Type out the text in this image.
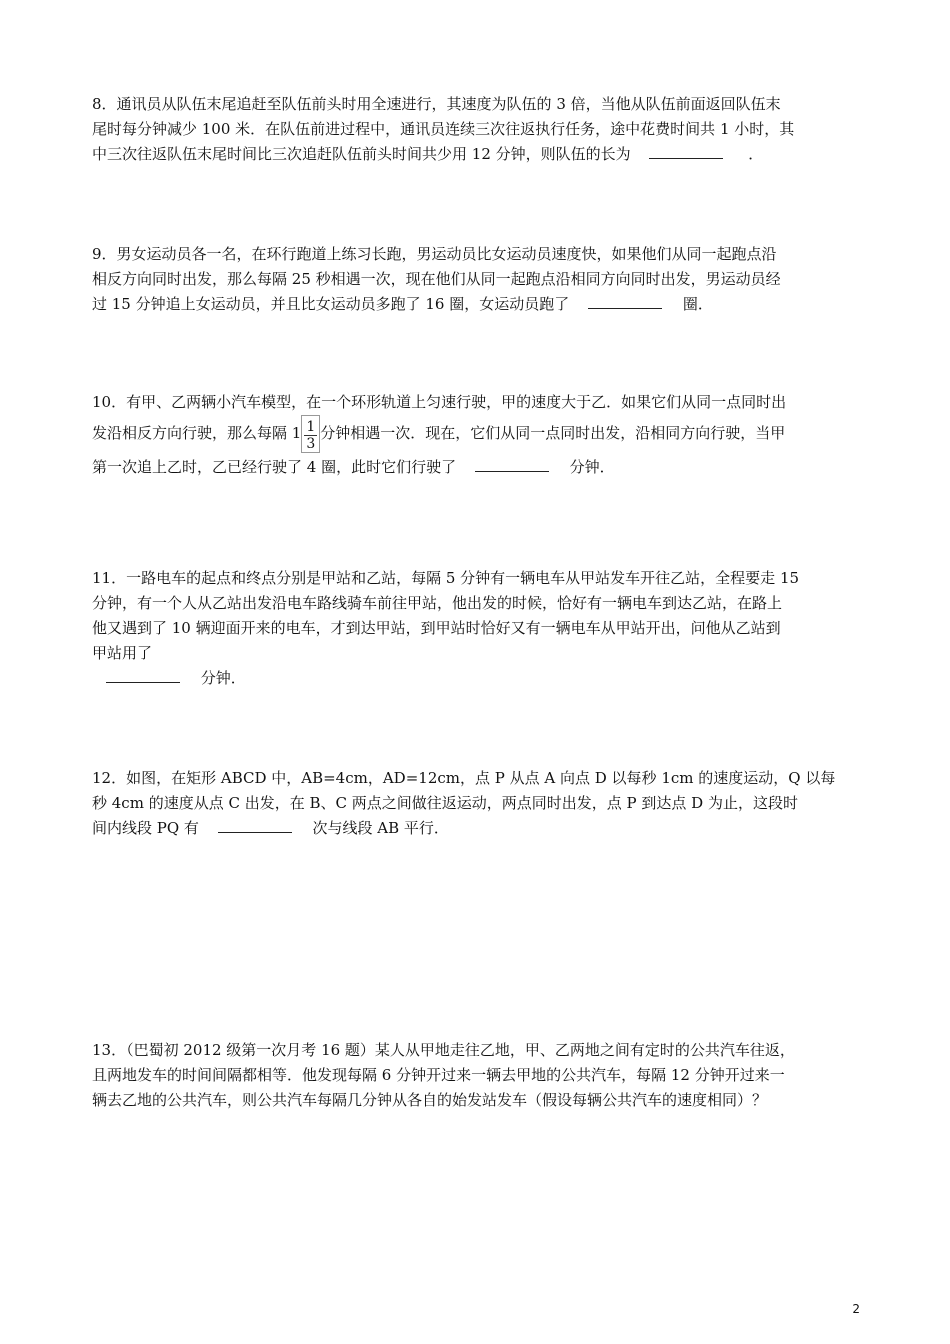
8．通讯员从队伍末尾追赶至队伍前头时用全速进行，其速度为队伍的 3 倍，当他从队伍前面返回队伍末
尾时每分钟减少 100 米．在队伍前进过程中，通讯员连续三次往返执行任务，途中花费时间共 1 小时，其
中三次往返队伍末尾时间比三次追赶队伍前头时间共少用 12 分钟，则队伍的长为	．
9．男女运动员各一名，在环行跑道上练习长跑，男运动员比女运动员速度快，如果他们从同一起跑点沿
相反方向同时出发，那么每隔 25 秒相遇一次，现在他们从同一起跑点沿相同方向同时出发，男运动员经
过 15 分钟追上女运动员，并且比女运动员多跑了 16 圈，女运动员跑了	圈．
10．有甲、乙两辆小汽车模型，在一个环形轨道上匀速行驶，甲的速度大于乙．如果它们从同一点同时出
发沿相反方向行驶，那么每隔 $1 \frac{1}{3}$ 分钟相遇一次．现在，它们从同一点同时出发，沿相同方向行驶，当甲
第一次追上乙时，乙已经行驶了 4 圈，此时它们行驶了	分钟．
11．一路电车的起点和终点分别是甲站和乙站，每隔 5 分钟有一辆电车从甲站发车开往乙站，全程要走 15
分钟，有一个人从乙站出发沿电车路线骑车前往甲站，他出发的时候，恰好有一辆电车到达乙站，在路上
他又遇到了 10 辆迎面开来的电车，才到达甲站，到甲站时恰好又有一辆电车从甲站开出，问他从乙站到
甲站用了
分钟．
12．如图，在矩形 ABCD 中，AB=4cm，AD=12cm，点 P 从点 A 向点 D 以每秒 1cm 的速度运动，Q 以每
秒 4cm 的速度从点 C 出发，在 B、C 两点之间做往返运动，两点同时出发，点 P 到达点 D 为止，这段时
间内线段 PQ 有	次与线段 AB 平行．
13．（巴蜀初 2012 级第一次月考 16 题）某人从甲地走往乙地，甲、乙两地之间有定时的公共汽车往返，
且两地发车的时间间隔都相等．他发现每隔 6 分钟开过来一辆去甲地的公共汽车，每隔 12 分钟开过来一
辆去乙地的公共汽车，则公共汽车每隔几分钟从各自的始发站发车（假设每辆公共汽车的速度相同）？
2
